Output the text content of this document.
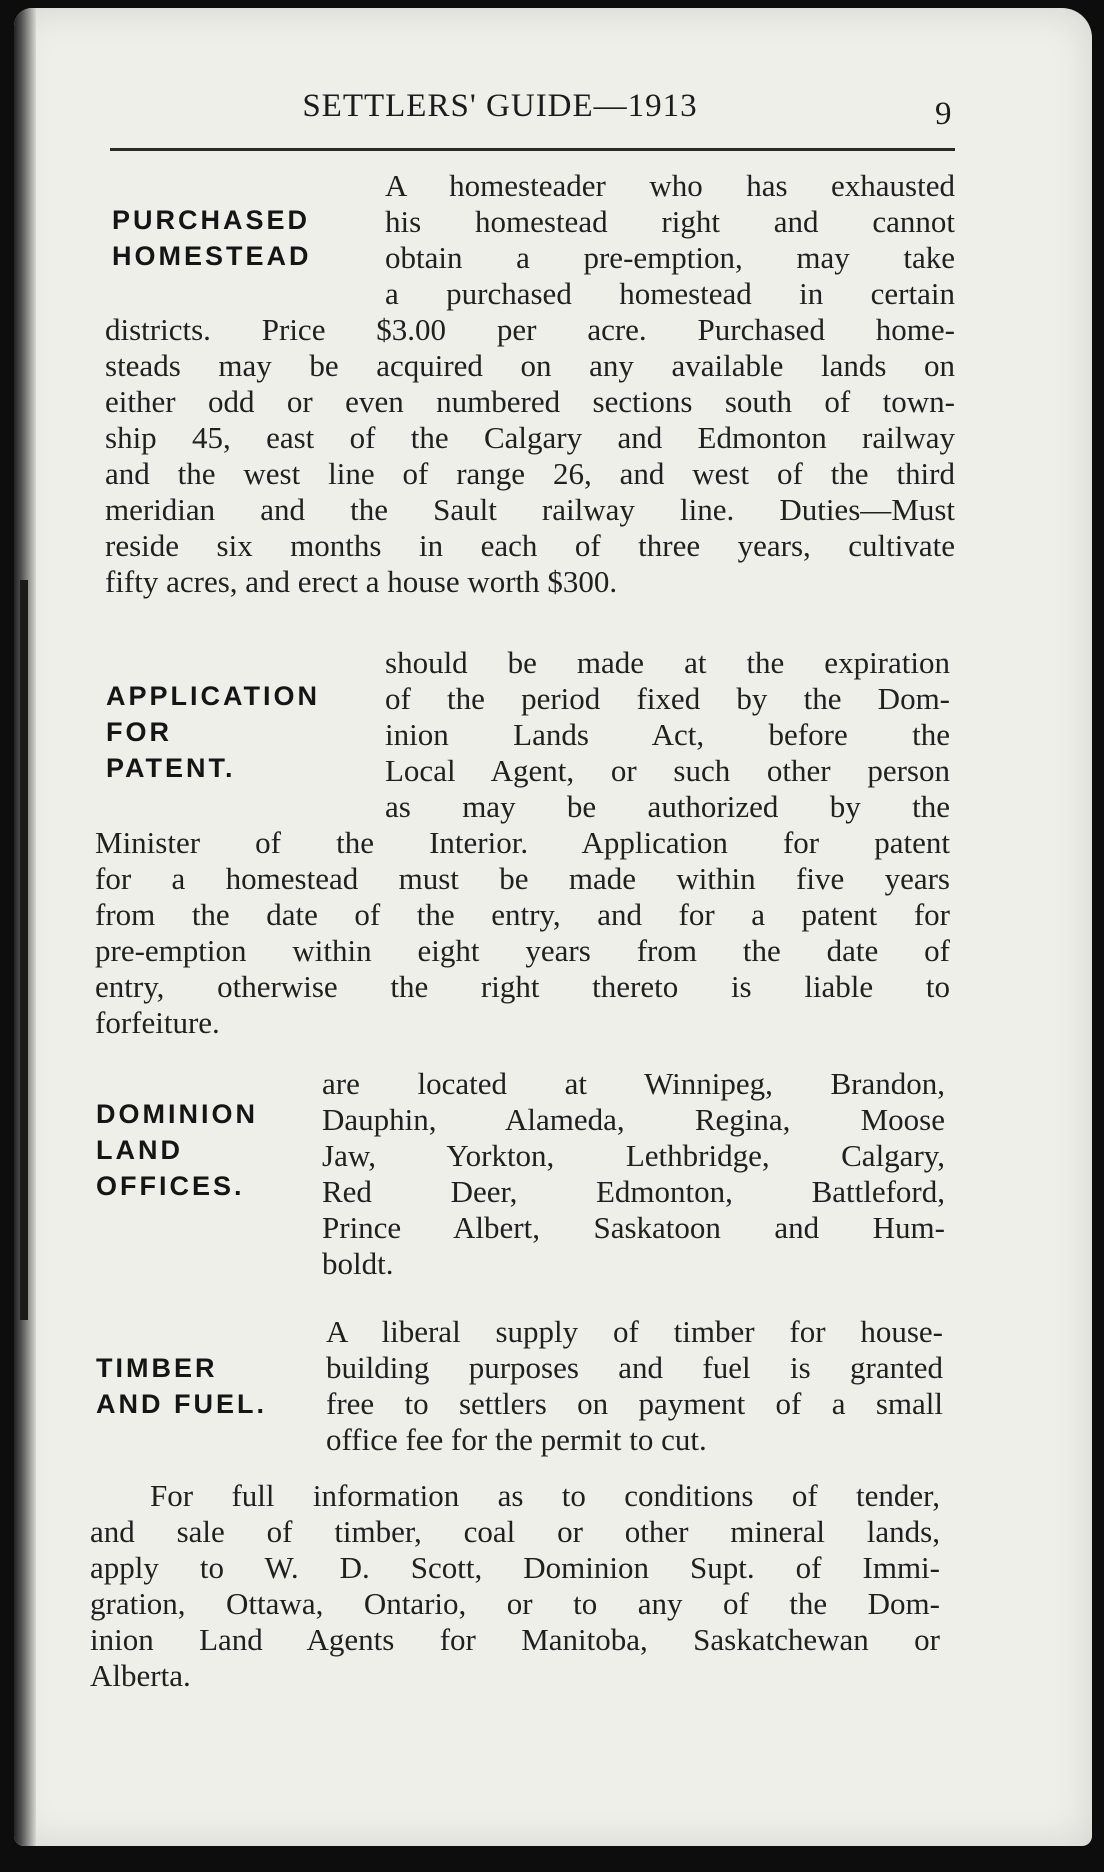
SETTLERS' GUIDE—1913	9
PURCHASED
HOMESTEAD
A homesteader who has exhausted
his homestead right and cannot
obtain a pre-emption, may take
a purchased homestead in certain
districts. Price $3.00 per acre. Purchased home-
steads may be acquired on any available lands on
either odd or even numbered sections south of town-
ship 45, east of the Calgary and Edmonton railway
and the west line of range 26, and west of the third
meridian and the Sault railway line. Duties—Must
reside six months in each of three years, cultivate
fifty acres, and erect a house worth $300.
APPLICATION
FOR
PATENT.
should be made at the expiration
of the period fixed by the Dom-
inion Lands Act, before the
Local Agent, or such other person
as may be authorized by the
Minister of the Interior. Application for patent
for a homestead must be made within five years
from the date of the entry, and for a patent for
pre-emption within eight years from the date of
entry, otherwise the right thereto is liable to
forfeiture.
DOMINION
LAND
OFFICES.
are located at Winnipeg, Brandon,
Dauphin, Alameda, Regina, Moose
Jaw, Yorkton, Lethbridge, Calgary,
Red Deer, Edmonton, Battleford,
Prince Albert, Saskatoon and Hum-
boldt.
TIMBER
AND FUEL.
A liberal supply of timber for house-
building purposes and fuel is granted
free to settlers on payment of a small
office fee for the permit to cut.
For full information as to conditions of tender,
and sale of timber, coal or other mineral lands,
apply to W. D. Scott, Dominion Supt. of Immi-
gration, Ottawa, Ontario, or to any of the Dom-
inion Land Agents for Manitoba, Saskatchewan or
Alberta.
